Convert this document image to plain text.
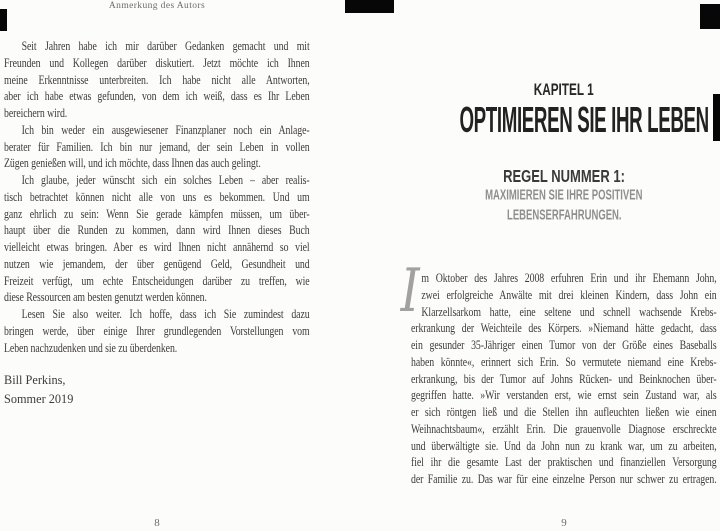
Anmerkung des Autors
Seit Jahren habe ich mir darüber Gedanken gemacht und mit
Freunden und Kollegen darüber diskutiert. Jetzt möchte ich Ihnen
meine Erkenntnisse unterbreiten. Ich habe nicht alle Antworten,
aber ich habe etwas gefunden, von dem ich weiß, dass es Ihr Leben
bereichern wird.
Ich bin weder ein ausgewiesener Finanzplaner noch ein Anlage-
berater für Familien. Ich bin nur jemand, der sein Leben in vollen
Zügen genießen will, und ich möchte, dass Ihnen das auch gelingt.
Ich glaube, jeder wünscht sich ein solches Leben – aber realis-
tisch betrachtet können nicht alle von uns es bekommen. Und um
ganz ehrlich zu sein: Wenn Sie gerade kämpfen müssen, um über-
haupt über die Runden zu kommen, dann wird Ihnen dieses Buch
vielleicht etwas bringen. Aber es wird Ihnen nicht annähernd so viel
nutzen wie jemandem, der über genügend Geld, Gesundheit und
Freizeit verfügt, um echte Entscheidungen darüber zu treffen, wie
diese Ressourcen am besten genutzt werden können.
Lesen Sie also weiter. Ich hoffe, dass ich Sie zumindest dazu
bringen werde, über einige Ihrer grundlegenden Vorstellungen vom
Leben nachzudenken und sie zu überdenken.
Bill Perkins,
Sommer 2019
8
KAPITEL 1
OPTIMIEREN SIE IHR LEBEN
REGEL NUMMER 1:
MAXIMIEREN SIE IHRE POSITIVEN
LEBENSERFAHRUNGEN.
I m Oktober des Jahres 2008 erfuhren Erin und ihr Ehemann John,
zwei erfolgreiche Anwälte mit drei kleinen Kindern, dass John ein
Klarzellsarkom hatte, eine seltene und schnell wachsende Krebs-
erkrankung der Weichteile des Körpers. »Niemand hätte gedacht, dass
ein gesunder 35-Jähriger einen Tumor von der Größe eines Baseballs
haben könnte«, erinnert sich Erin. So vermutete niemand eine Krebs-
erkrankung, bis der Tumor auf Johns Rücken- und Beinknochen über-
gegriffen hatte. »Wir verstanden erst, wie ernst sein Zustand war, als
er sich röntgen ließ und die Stellen ihn aufleuchten ließen wie einen
Weihnachtsbaum«, erzählt Erin. Die grauenvolle Diagnose erschreckte
und überwältigte sie. Und da John nun zu krank war, um zu arbeiten,
fiel ihr die gesamte Last der praktischen und finanziellen Versorgung
der Familie zu. Das war für eine einzelne Person nur schwer zu ertragen.
9
